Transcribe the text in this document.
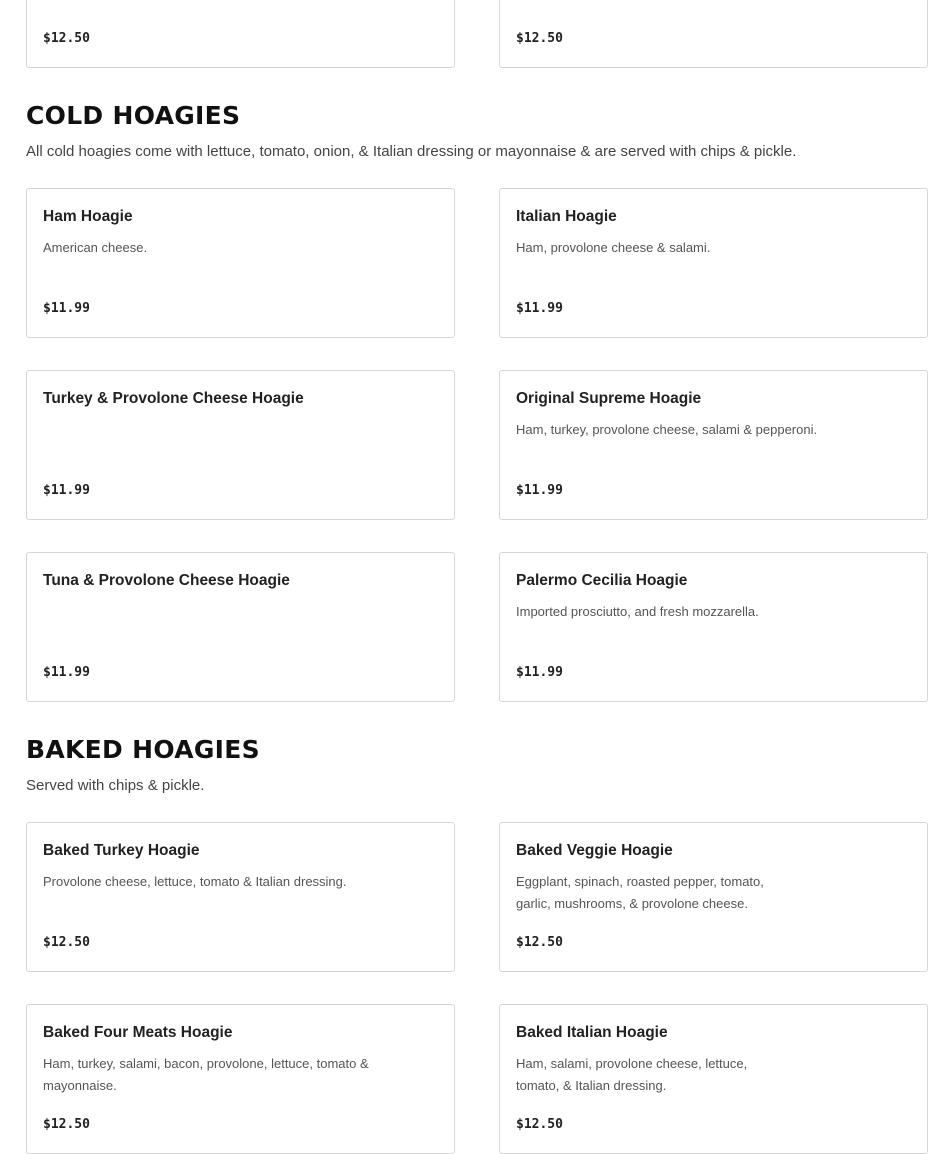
$12.50	$12.50
COLD HOAGIES

All cold hoagies come with lettuce, tomato, onion, & Italian dressing or mayonnaise & are served with chips & pickle.

Ham Hoagie
American cheese.
$11.99
Italian Hoagie
Ham, provolone cheese & salami.
$11.99
Turkey & Provolone Cheese Hoagie
$11.99
Original Supreme Hoagie
Ham, turkey, provolone cheese, salami & pepperoni.
$11.99
Tuna & Provolone Cheese Hoagie
$11.99
Palermo Cecilia Hoagie
Imported prosciutto, and fresh mozzarella.
$11.99
BAKED HOAGIES

Served with chips & pickle.

Baked Turkey Hoagie
Provolone cheese, lettuce, tomato & Italian dressing.
$12.50
Baked Veggie Hoagie
Eggplant, spinach, roasted pepper, tomato, garlic, mushrooms, & provolone cheese.
$12.50
Baked Four Meats Hoagie
Ham, turkey, salami, bacon, provolone, lettuce, tomato & mayonnaise.
$12.50
Baked Italian Hoagie
Ham, salami, provolone cheese, lettuce, tomato, & Italian dressing.
$12.50
